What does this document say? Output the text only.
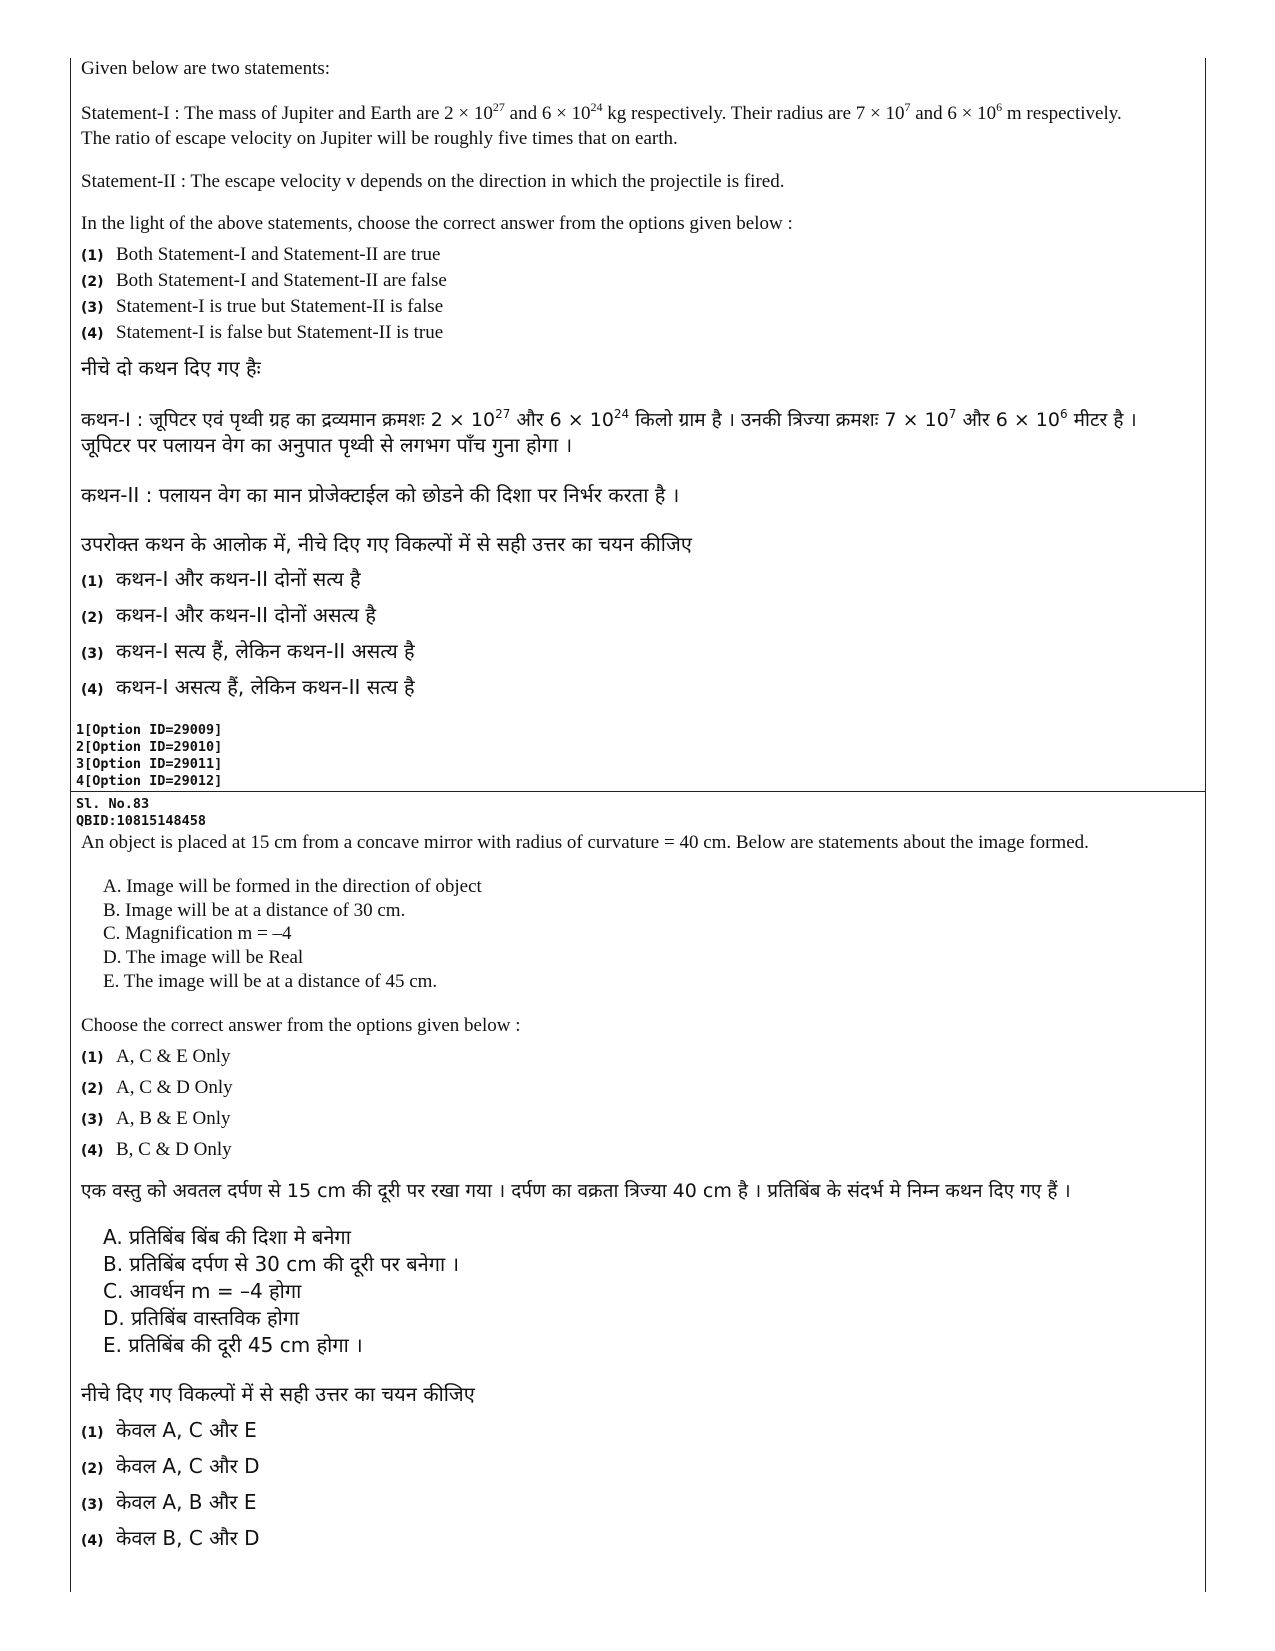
Given below are two statements:
Statement-I : The mass of Jupiter and Earth are $2 \times 10^{27}$ and $6 \times 10^{24}$ kg respectively. Their radius are $7 \times 10^7$ and $6 \times 10^6$ m respectively.
The ratio of escape velocity on Jupiter will be roughly five times that on earth.
Statement-II : The escape velocity v depends on the direction in which the projectile is fired.
In the light of the above statements, choose the correct answer from the options given below :
(1) Both Statement-I and Statement-II are true
(2) Both Statement-I and Statement-II are false
(3) Statement-I is true but Statement-II is false
(4) Statement-I is false but Statement-II is true
नीचे दो कथन दिए गए हैः
कथन-I : जूपिटर एवं पृथ्वी ग्रह का द्रव्यमान क्रमशः $2 \times 10^{27}$ और $6 \times 10^{24}$ किलो ग्राम है । उनकी त्रिज्या क्रमशः $7 \times 10^7$ और $6 \times 10^6$ मीटर है ।
जूपिटर पर पलायन वेग का अनुपात पृथ्वी से लगभग पाँच गुना होगा ।
कथन-II : पलायन वेग का मान प्रोजेक्टाईल को छोडने की दिशा पर निर्भर करता है ।
उपरोक्त कथन के आलोक में, नीचे दिए गए विकल्पों में से सही उत्तर का चयन कीजिए
(1) कथन-I और कथन-II दोनों सत्य है
(2) कथन-I और कथन-II दोनों असत्य है
(3) कथन-I सत्य हैं, लेकिन कथन-II असत्य है
(4) कथन-I असत्य हैं, लेकिन कथन-II सत्य है
1[Option ID=29009]
2[Option ID=29010]
3[Option ID=29011]
4[Option ID=29012]
Sl. No.83
QBID:10815148458
An object is placed at 15 cm from a concave mirror with radius of curvature = 40 cm. Below are statements about the image formed.
A. Image will be formed in the direction of object
B. Image will be at a distance of 30 cm.
C. Magnification m = –4
D. The image will be Real
E. The image will be at a distance of 45 cm.
Choose the correct answer from the options given below :
(1) A, C & E Only
(2) A, C & D Only
(3) A, B & E Only
(4) B, C & D Only
एक वस्तु को अवतल दर्पण से 15 cm की दूरी पर रखा गया । दर्पण का वक्रता त्रिज्या 40 cm है । प्रतिबिंब के संदर्भ मे निम्न कथन दिए गए हैं ।
A. प्रतिबिंब बिंब की दिशा मे बनेगा
B. प्रतिबिंब दर्पण से 30 cm की दूरी पर बनेगा ।
C. आवर्धन m = –4 होगा
D. प्रतिबिंब वास्तविक होगा
E. प्रतिबिंब की दूरी 45 cm होगा ।
नीचे दिए गए विकल्पों में से सही उत्तर का चयन कीजिए
(1) केवल A, C और E
(2) केवल A, C और D
(3) केवल A, B और E
(4) केवल B, C और D
